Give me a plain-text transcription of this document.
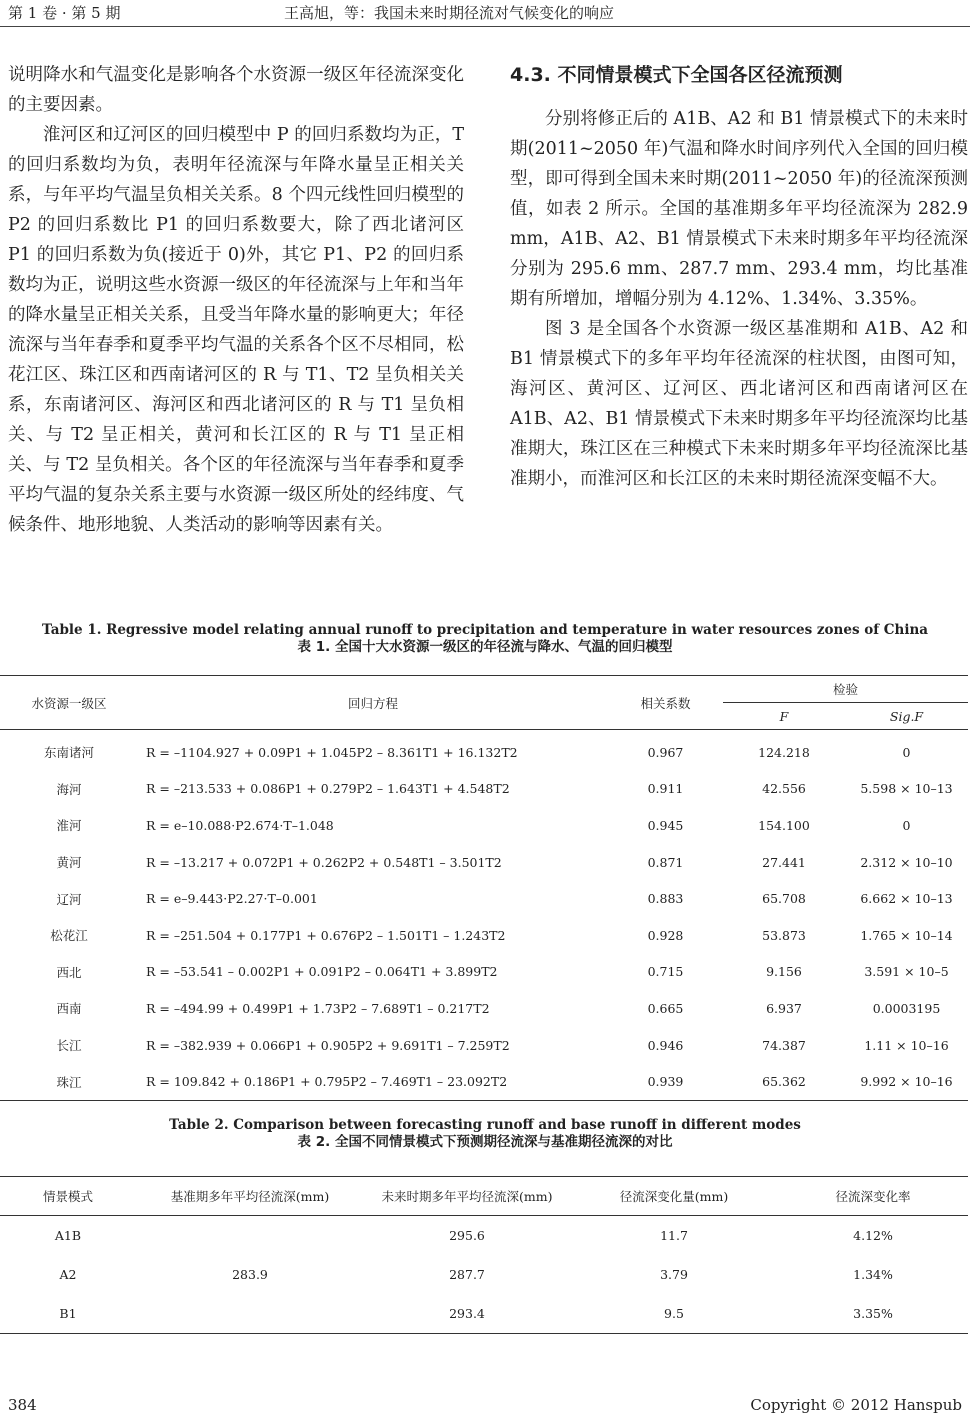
第 1 卷 · 第 5 期	王高旭，等：我国未来时期径流对气候变化的响应

说明降水和气温变化是影响各个水资源一级区年径流深变化的主要因素。

淮河区和辽河区的回归模型中 P 的回归系数均为正，T 的回归系数均为负，表明年径流深与年降水量呈正相关关系，与年平均气温呈负相关关系。8 个四元线性回归模型的 P2 的回归系数比 P1 的回归系数要大，除了西北诸河区 P1 的回归系数为负(接近于 0)外，其它 P1、P2 的回归系数均为正，说明这些水资源一级区的年径流深与上年和当年的降水量呈正相关关系，且受当年降水量的影响更大；年径流深与当年春季和夏季平均气温的关系各个区不尽相同，松花江区、珠江区和西南诸河区的 R 与 T1、T2 呈负相关关系，东南诸河区、海河区和西北诸河区的 R 与 T1 呈负相关、与 T2 呈正相关，黄河和长江区的 R 与 T1 呈正相关、与 T2 呈负相关。各个区的年径流深与当年春季和夏季平均气温的复杂关系主要与水资源一级区所处的经纬度、气候条件、地形地貌、人类活动的影响等因素有关。

4.3. 不同情景模式下全国各区径流预测

分别将修正后的 A1B、A2 和 B1 情景模式下的未来时期(2011~2050 年)气温和降水时间序列代入全国的回归模型，即可得到全国未来时期(2011~2050 年)的径流深预测值，如表 2 所示。全国的基准期多年平均径流深为 282.9 mm，A1B、A2、B1 情景模式下未来时期多年平均径流深分别为 295.6 mm、287.7 mm、293.4 mm，均比基准期有所增加，增幅分别为 4.12%、1.34%、3.35%。

图 3 是全国各个水资源一级区基准期和 A1B、A2 和 B1 情景模式下的多年平均年径流深的柱状图，由图可知，海河区、黄河区、辽河区、西北诸河区和西南诸河区在 A1B、A2、B1 情景模式下未来时期多年平均径流深均比基准期大，珠江区在三种模式下未来时期多年平均径流深比基准期小，而淮河区和长江区的未来时期径流深变幅不大。

Table 1. Regressive model relating annual runoff to precipitation and temperature in water resources zones of China
表 1. 全国十大水资源一级区的年径流与降水、气温的回归模型
水资源一级区	回归方程	相关系数	检验	
			F	Sig.F
东南诸河	R = –1104.927 + 0.09P1 + 1.045P2 – 8.361T1 + 16.132T2	0.967	124.218	0
海河	R = –213.533 + 0.086P1 + 0.279P2 – 1.643T1 + 4.548T2	0.911	42.556	5.598 × 10–13
淮河	R = e–10.088·P2.674·T–1.048	0.945	154.100	0
黄河	R = –13.217 + 0.072P1 + 0.262P2 + 0.548T1 – 3.501T2	0.871	27.441	2.312 × 10–10
辽河	R = e–9.443·P2.27·T–0.001	0.883	65.708	6.662 × 10–13
松花江	R = –251.504 + 0.177P1 + 0.676P2 – 1.501T1 – 1.243T2	0.928	53.873	1.765 × 10–14
西北	R = –53.541 – 0.002P1 + 0.091P2 – 0.064T1 + 3.899T2	0.715	9.156	3.591 × 10–5
西南	R = –494.99 + 0.499P1 + 1.73P2 – 7.689T1 – 0.217T2	0.665	6.937	0.0003195
长江	R = –382.939 + 0.066P1 + 0.905P2 + 9.691T1 – 7.259T2	0.946	74.387	1.11 × 10–16
珠江	R = 109.842 + 0.186P1 + 0.795P2 – 7.469T1 – 23.092T2	0.939	65.362	9.992 × 10–16
Table 2. Comparison between forecasting runoff and base runoff in different modes
表 2. 全国不同情景模式下预测期径流深与基准期径流深的对比
情景模式	基准期多年平均径流深(mm)	未来时期多年平均径流深(mm)	径流深变化量(mm)	径流深变化率
A1B	283.9	295.6	11.7	4.12%
A2		287.7	3.79	1.34%
B1		293.4	9.5	3.35%
384	Copyright © 2012 Hanspub
